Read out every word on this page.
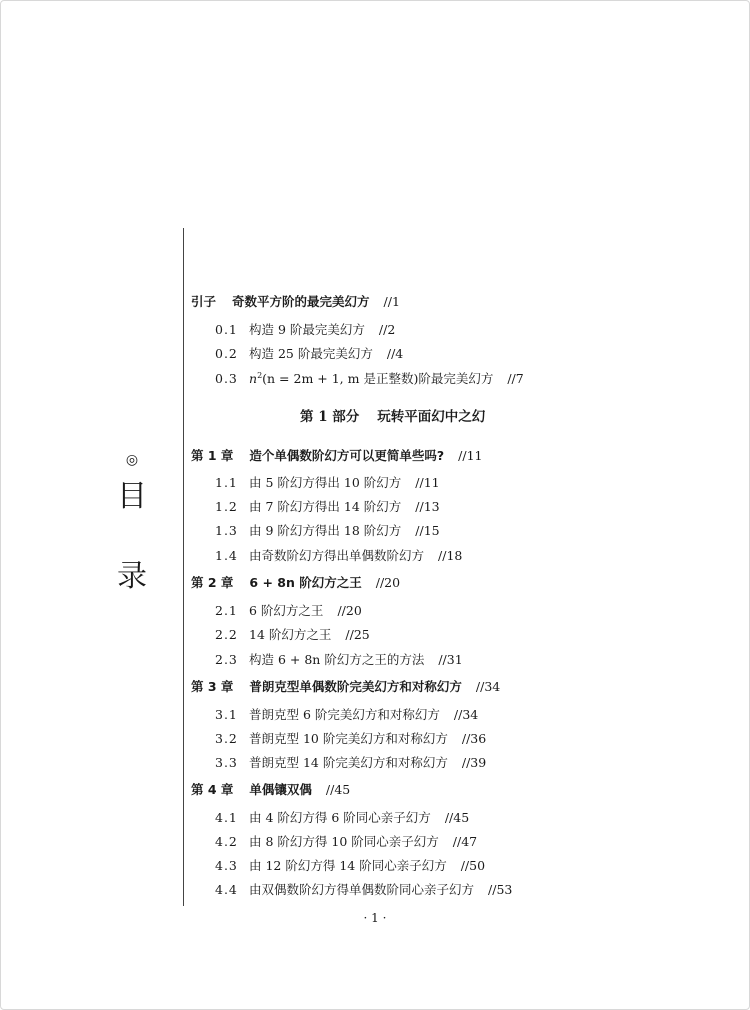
◎
目
录
引子 奇数平方阶的最完美幻方 //1
0.1 构造 9 阶最完美幻方 //2
0.2 构造 25 阶最完美幻方 //4
0.3 $n^2(n = 2m + 1$, m 是正整数)阶最完美幻方 //7
第 1 部分 玩转平面幻中之幻
第 1 章 造个单偶数阶幻方可以更简单些吗? //11
1.1 由 5 阶幻方得出 10 阶幻方 //11
1.2 由 7 阶幻方得出 14 阶幻方 //13
1.3 由 9 阶幻方得出 18 阶幻方 //15
1.4 由奇数阶幻方得出单偶数阶幻方 //18
第 2 章 6 + 8n 阶幻方之王 //20
2.1 6 阶幻方之王 //20
2.2 14 阶幻方之王 //25
2.3 构造 6 + 8n 阶幻方之王的方法 //31
第 3 章 普朗克型单偶数阶完美幻方和对称幻方 //34
3.1 普朗克型 6 阶完美幻方和对称幻方 //34
3.2 普朗克型 10 阶完美幻方和对称幻方 //36
3.3 普朗克型 14 阶完美幻方和对称幻方 //39
第 4 章 单偶镶双偶 //45
4.1 由 4 阶幻方得 6 阶同心亲子幻方 //45
4.2 由 8 阶幻方得 10 阶同心亲子幻方 //47
4.3 由 12 阶幻方得 14 阶同心亲子幻方 //50
4.4 由双偶数阶幻方得单偶数阶同心亲子幻方 //53
· 1 ·
